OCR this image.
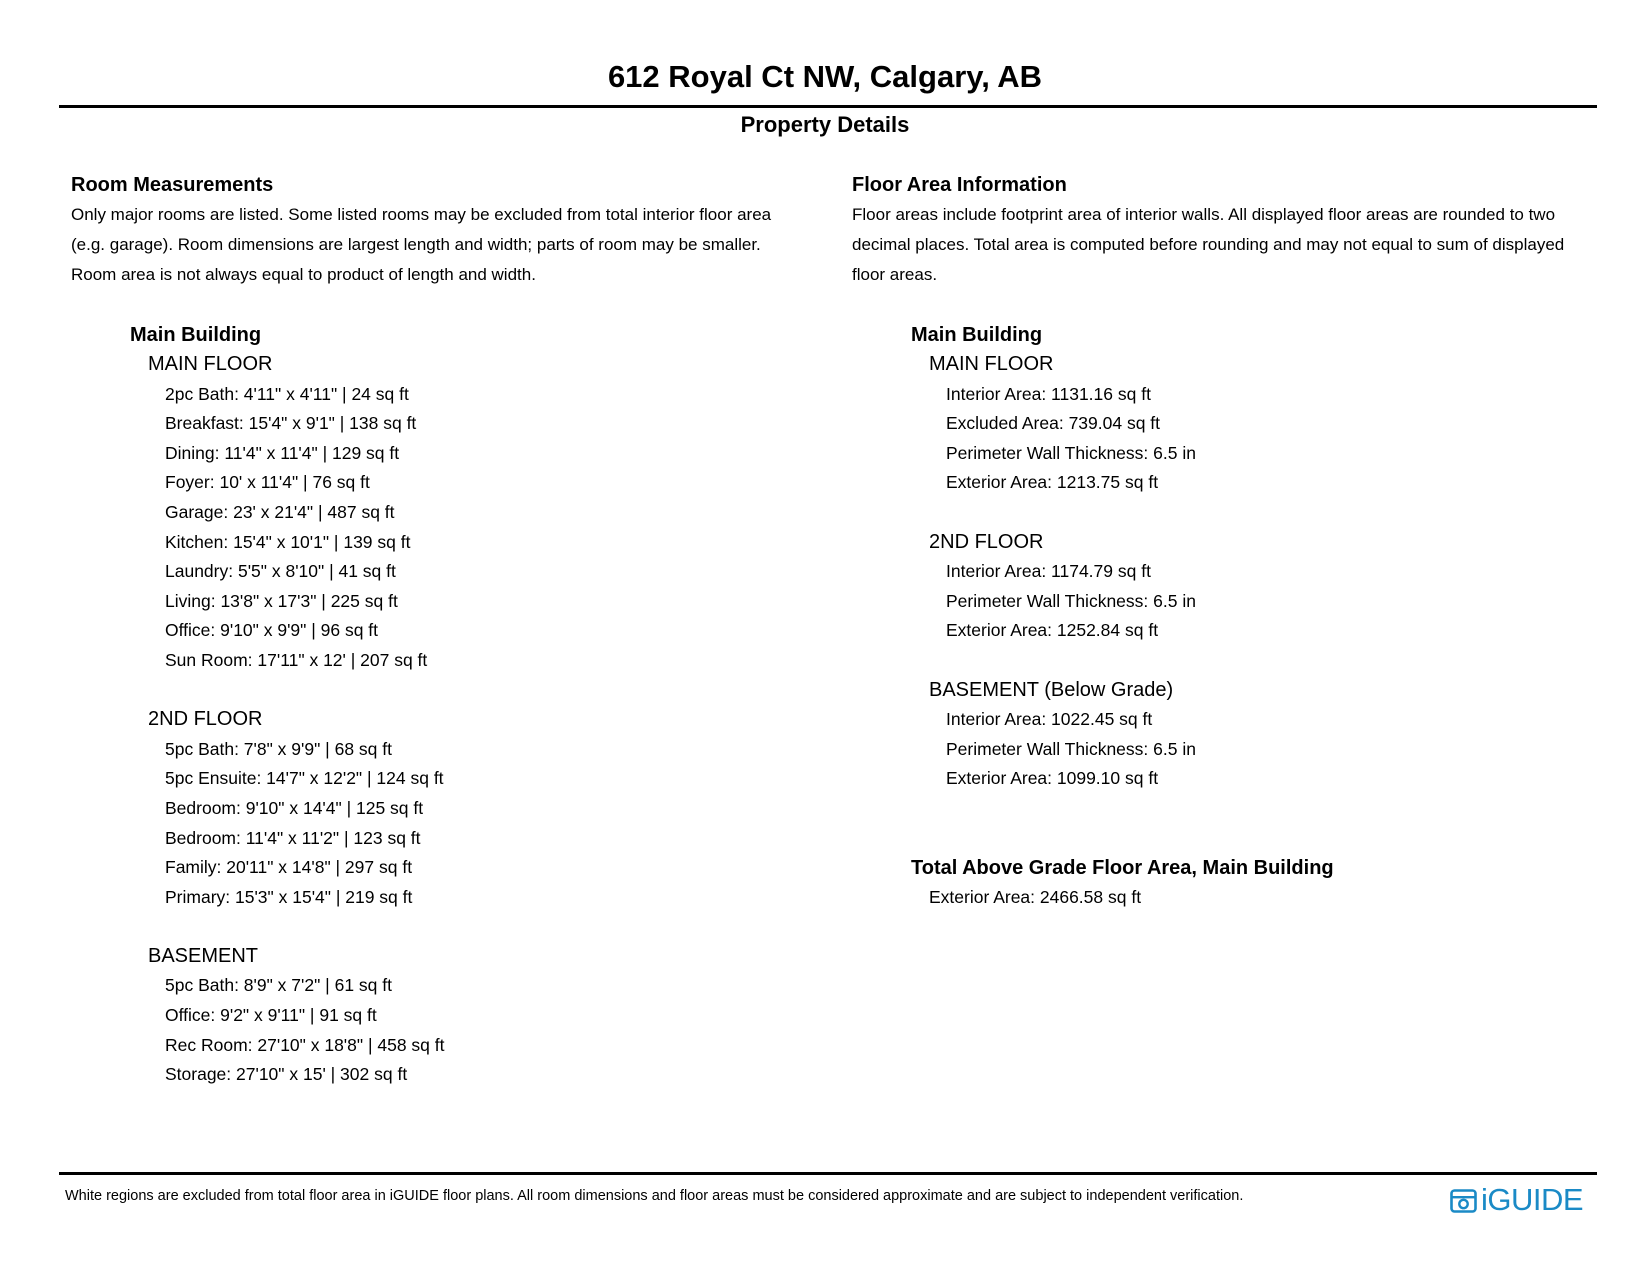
612 Royal Ct NW, Calgary, AB
Property Details
Room Measurements

Only major rooms are listed. Some listed rooms may be excluded from total interior floor area

(e.g. garage). Room dimensions are largest length and width; parts of room may be smaller.

Room area is not always equal to product of length and width.

Main Building
MAIN FLOOR
2pc Bath: 4'11" x 4'11" | 24 sq ft
Breakfast: 15'4" x 9'1" | 138 sq ft
Dining: 11'4" x 11'4" | 129 sq ft
Foyer: 10' x 11'4" | 76 sq ft
Garage: 23' x 21'4" | 487 sq ft
Kitchen: 15'4" x 10'1" | 139 sq ft
Laundry: 5'5" x 8'10" | 41 sq ft
Living: 13'8" x 17'3" | 225 sq ft
Office: 9'10" x 9'9" | 96 sq ft
Sun Room: 17'11" x 12' | 207 sq ft
2ND FLOOR
5pc Bath: 7'8" x 9'9" | 68 sq ft
5pc Ensuite: 14'7" x 12'2" | 124 sq ft
Bedroom: 9'10" x 14'4" | 125 sq ft
Bedroom: 11'4" x 11'2" | 123 sq ft
Family: 20'11" x 14'8" | 297 sq ft
Primary: 15'3" x 15'4" | 219 sq ft
BASEMENT
5pc Bath: 8'9" x 7'2" | 61 sq ft
Office: 9'2" x 9'11" | 91 sq ft
Rec Room: 27'10" x 18'8" | 458 sq ft
Storage: 27'10" x 15' | 302 sq ft
Floor Area Information

Floor areas include footprint area of interior walls. All displayed floor areas are rounded to two

decimal places. Total area is computed before rounding and may not equal to sum of displayed

floor areas.

Main Building
MAIN FLOOR
Interior Area: 1131.16 sq ft
Excluded Area: 739.04 sq ft
Perimeter Wall Thickness: 6.5 in
Exterior Area: 1213.75 sq ft
2ND FLOOR
Interior Area: 1174.79 sq ft
Perimeter Wall Thickness: 6.5 in
Exterior Area: 1252.84 sq ft
BASEMENT (Below Grade)
Interior Area: 1022.45 sq ft
Perimeter Wall Thickness: 6.5 in
Exterior Area: 1099.10 sq ft
Total Above Grade Floor Area, Main Building
Exterior Area: 2466.58 sq ft
White regions are excluded from total floor area in iGUIDE floor plans. All room dimensions and floor areas must be considered approximate and are subject to independent verification.	iGUIDE
